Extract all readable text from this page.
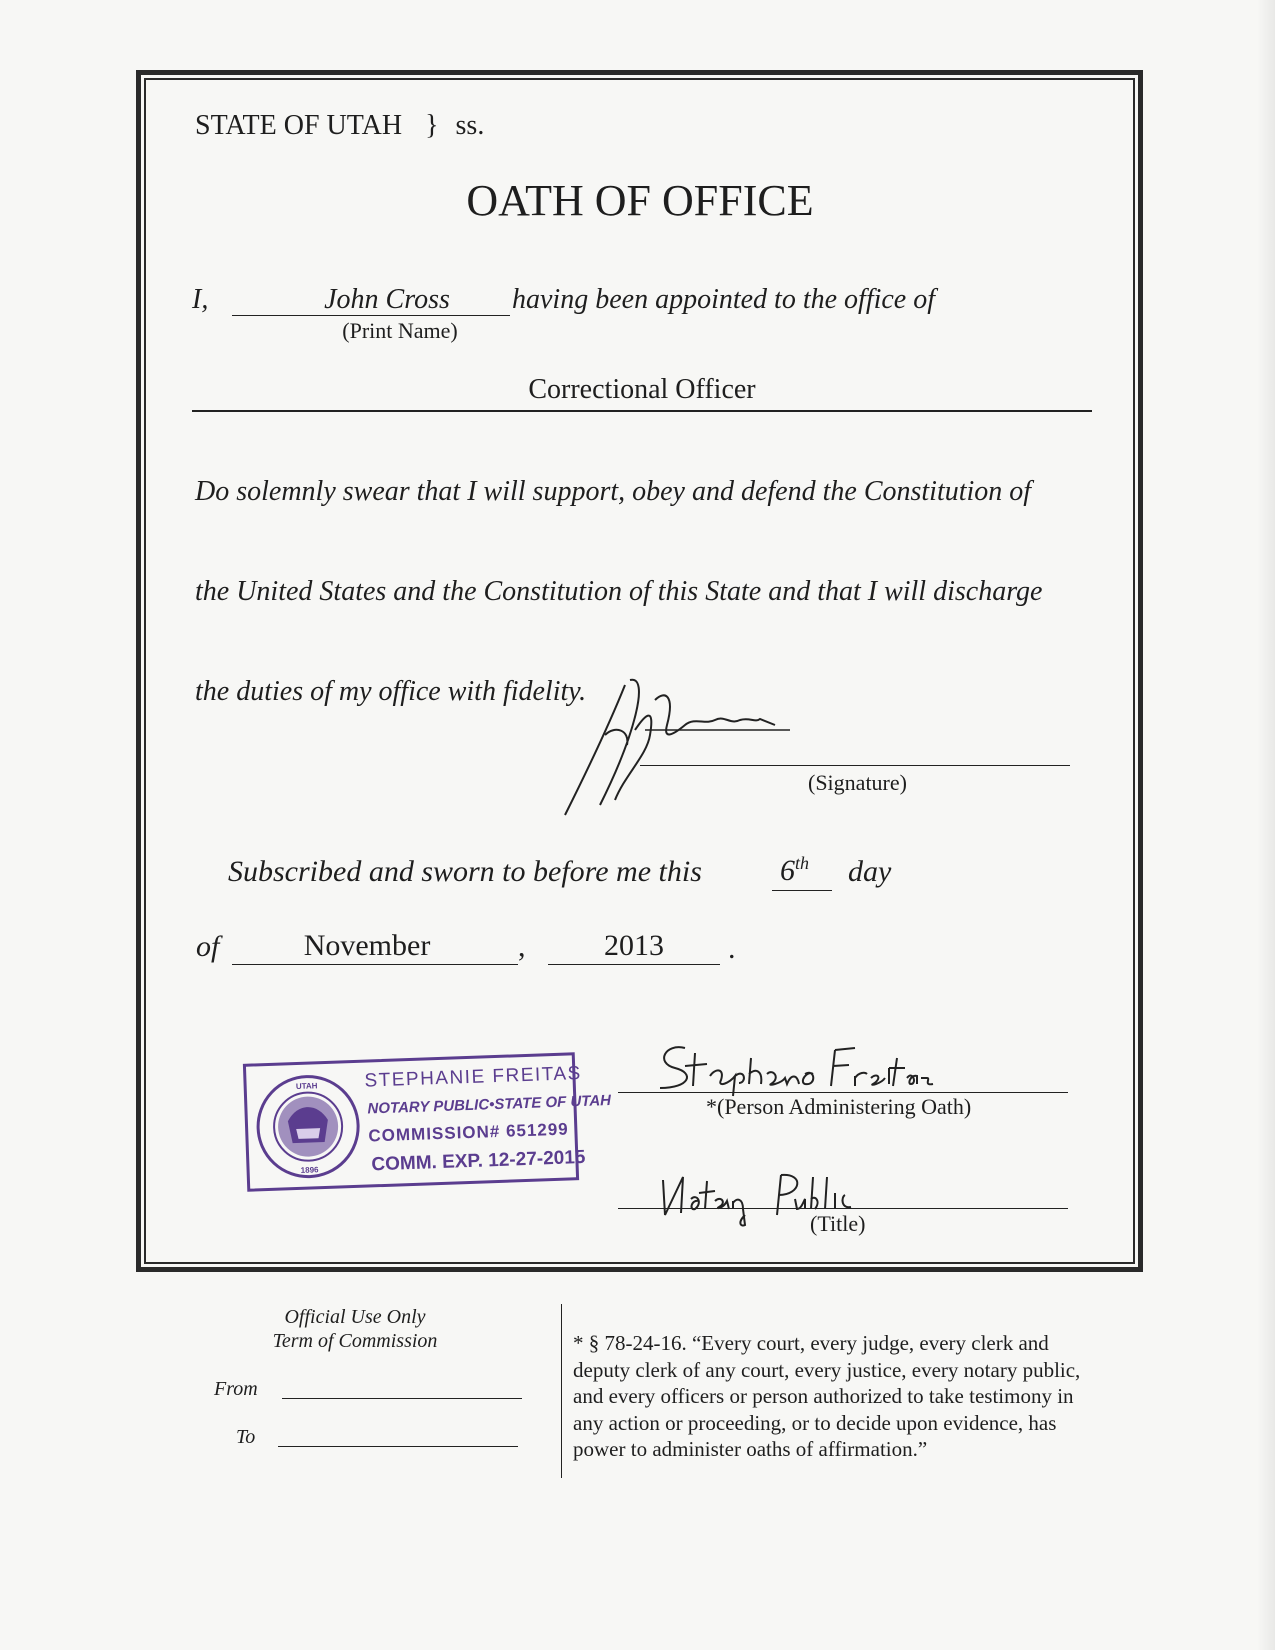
STATE OF UTAH } ss.
OATH OF OFFICE
I,	John Cross	having been appointed to the office of
(Print Name)
Correctional Officer
Do solemnly swear that I will support, obey and defend the Constitution of
the United States and the Constitution of this State and that I will discharge
the duties of my office with fidelity.
(Signature)
Subscribed and sworn to before me this	6th day
of	November	,	2013	.
UTAH
1896
STEPHANIE FREITAS
NOTARY PUBLIC•STATE OF UTAH
COMMISSION# 651299
COMM. EXP. 12-27-2015
*(Person Administering Oath)
(Title)
Official Use Only
Term of Commission
From
To
* § 78-24-16. “Every court, every judge, every clerk and
deputy clerk of any court, every justice, every notary public,
and every officers or person authorized to take testimony in
any action or proceeding, or to decide upon evidence, has
power to administer oaths of affirmation.”
